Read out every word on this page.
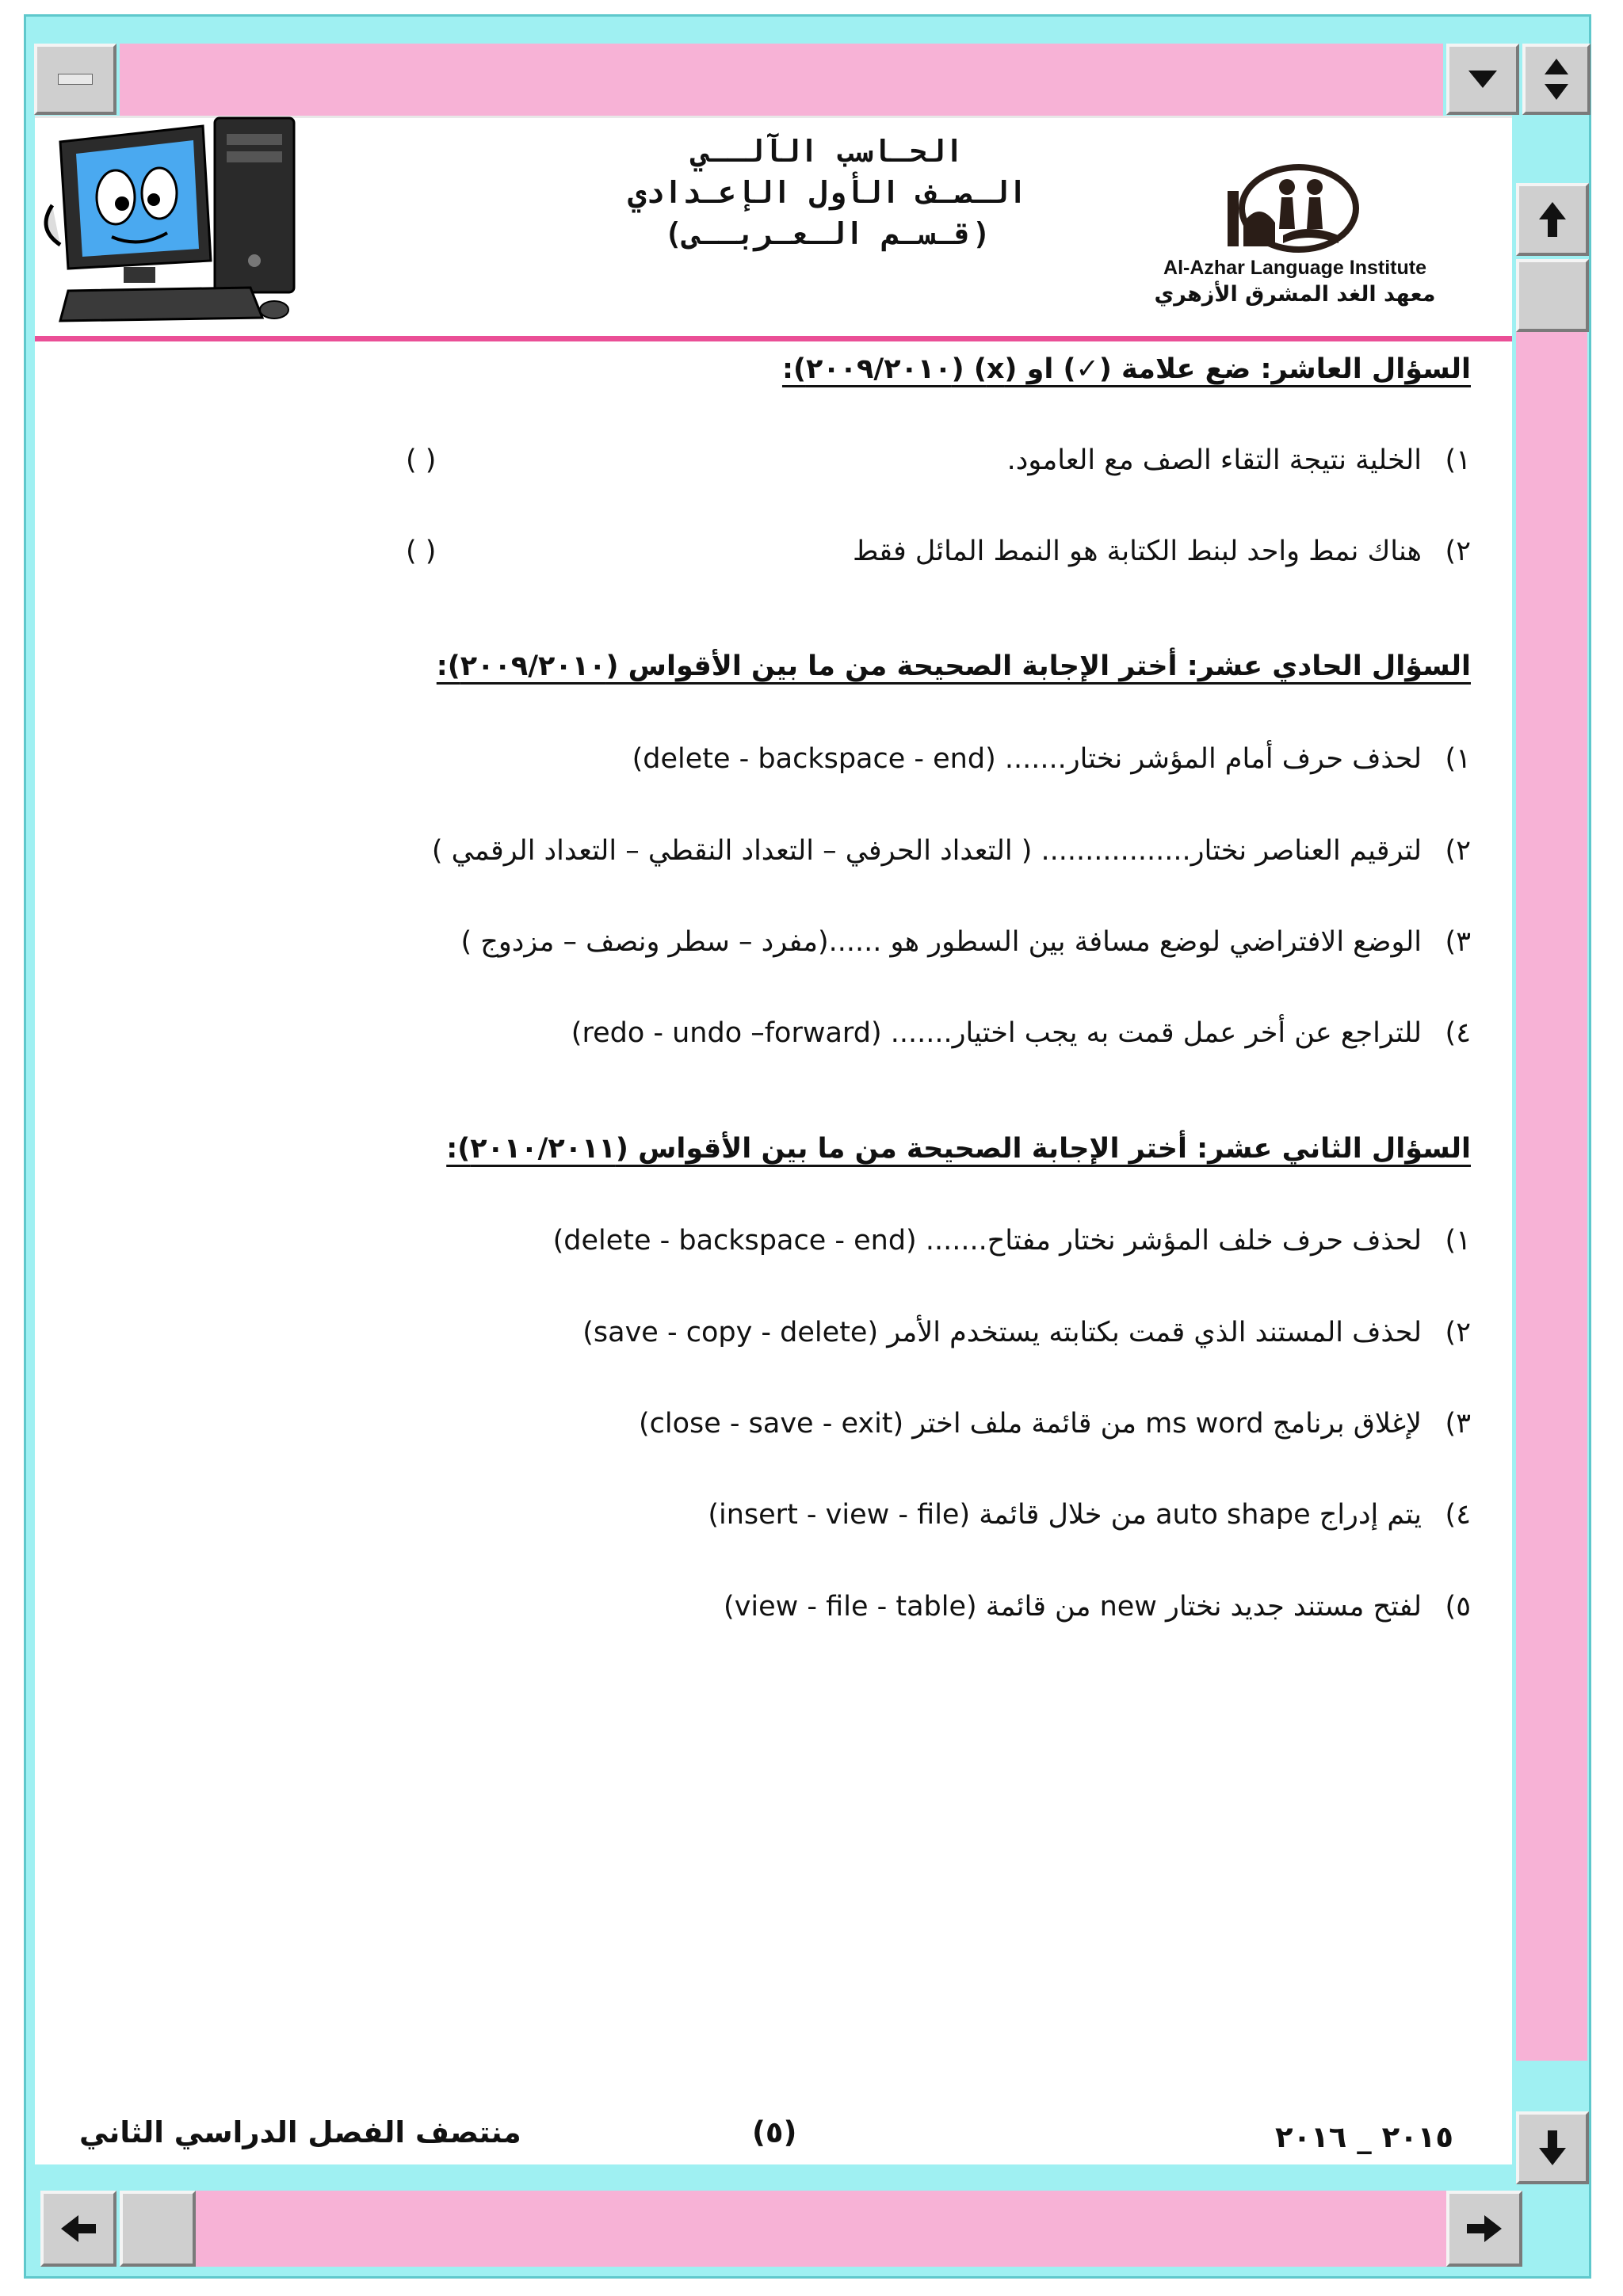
الحـاسب الآلــي
الـصـف الأول الإعـدادي
(قـسـم الـعـربــى)
Al-Azhar Language Institute
معهد الغد المشرق الأزهري
السؤال العاشر: ضع علامة (✓) او (x) (٢٠٠٩/٢٠١٠):
١)
الخلية نتيجة التقاء الصف مع العامود.
( )
٢)
هناك نمط واحد لبنط الكتابة هو النمط المائل فقط
( )
السؤال الحادي عشر: أختر الإجابة الصحيحة من ما بين الأقواس (٢٠٠٩/٢٠١٠):
١)
لحذف حرف أمام المؤشر نختار....... (delete - backspace - end)
٢)
لترقيم العناصر نختار................. ( التعداد الحرفي – التعداد النقطي – التعداد الرقمي )
٣)
الوضع الافتراضي لوضع مسافة بين السطور هو ......(مفرد – سطر ونصف – مزدوج )
٤)
للتراجع عن أخر عمل قمت به يجب اختيار....... (redo - undo –forward)
السؤال الثاني عشر: أختر الإجابة الصحيحة من ما بين الأقواس (٢٠١٠/٢٠١١):
١)
لحذف حرف خلف المؤشر نختار مفتاح....... (delete - backspace - end)
٢)
لحذف المستند الذي قمت بكتابته يستخدم الأمر (save - copy - delete)
٣)
لإغلاق برنامج ms word من قائمة ملف اختر (close - save - exit)
٤)
يتم إدراج auto shape من خلال قائمة (insert - view - file)
٥)
لفتح مستند جديد نختار new من قائمة (view - file - table)
منتصف الفصل الدراسي الثاني	(٥)	٢٠١٥ _ ٢٠١٦
